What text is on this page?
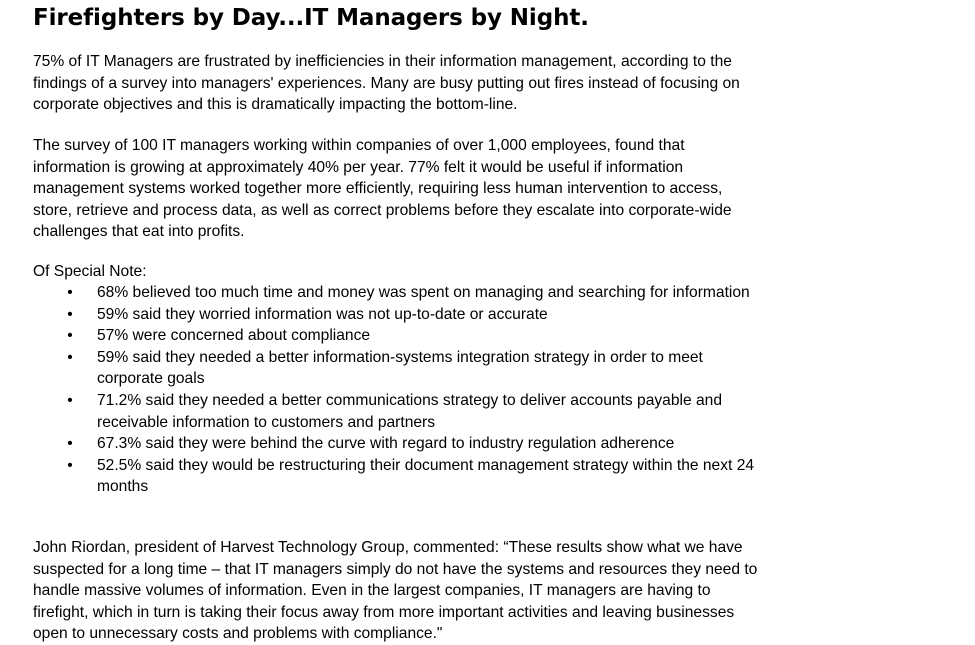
Firefighters by Day...IT Managers by Night.

75% of IT Managers are frustrated by inefficiencies in their information management, according to the
findings of a survey into managers' experiences. Many are busy putting out fires instead of focusing on
corporate objectives and this is dramatically impacting the bottom-line.

The survey of 100 IT managers working within companies of over 1,000 employees, found that
information is growing at approximately 40% per year. 77% felt it would be useful if information
management systems worked together more efficiently, requiring less human intervention to access,
store, retrieve and process data, as well as correct problems before they escalate into corporate-wide
challenges that eat into profits.

Of Special Note:

• 68% believed too much time and money was spent on managing and searching for information
• 59% said they worried information was not up-to-date or accurate
• 57% were concerned about compliance
• 59% said they needed a better information-systems integration strategy in order to meet
corporate goals
• 71.2% said they needed a better communications strategy to deliver accounts payable and
receivable information to customers and partners
• 67.3% said they were behind the curve with regard to industry regulation adherence
• 52.5% said they would be restructuring their document management strategy within the next 24
months

John Riordan, president of Harvest Technology Group, commented: “These results show what we have
suspected for a long time – that IT managers simply do not have the systems and resources they need to
handle massive volumes of information. Even in the largest companies, IT managers are having to
firefight, which in turn is taking their focus away from more important activities and leaving businesses
open to unnecessary costs and problems with compliance."
